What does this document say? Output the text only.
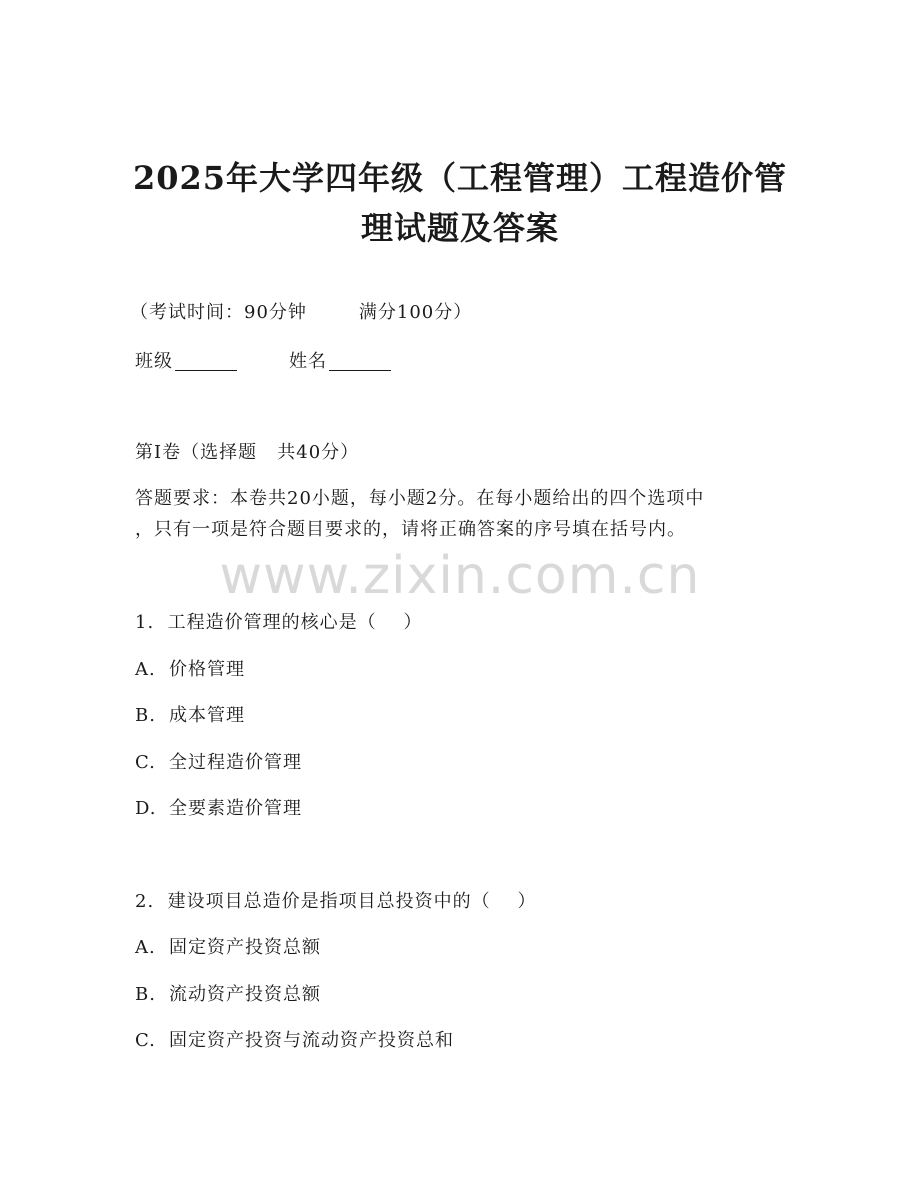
2025年大学四年级（工程管理）工程造价管
理试题及答案
（考试时间：90分钟	满分100分）
班级	姓名
第I卷（选择题   共40分）
答题要求：本卷共20小题，每小题2分。在每小题给出的四个选项中
，只有一项是符合题目要求的，请将正确答案的序号填在括号内。
www.zixin.com.cn
1.  工程造价管理的核心是（    ）
A. 价格管理
B. 成本管理
C. 全过程造价管理
D. 全要素造价管理
2.  建设项目总造价是指项目总投资中的（    ）
A. 固定资产投资总额
B. 流动资产投资总额
C. 固定资产投资与流动资产投资总和
